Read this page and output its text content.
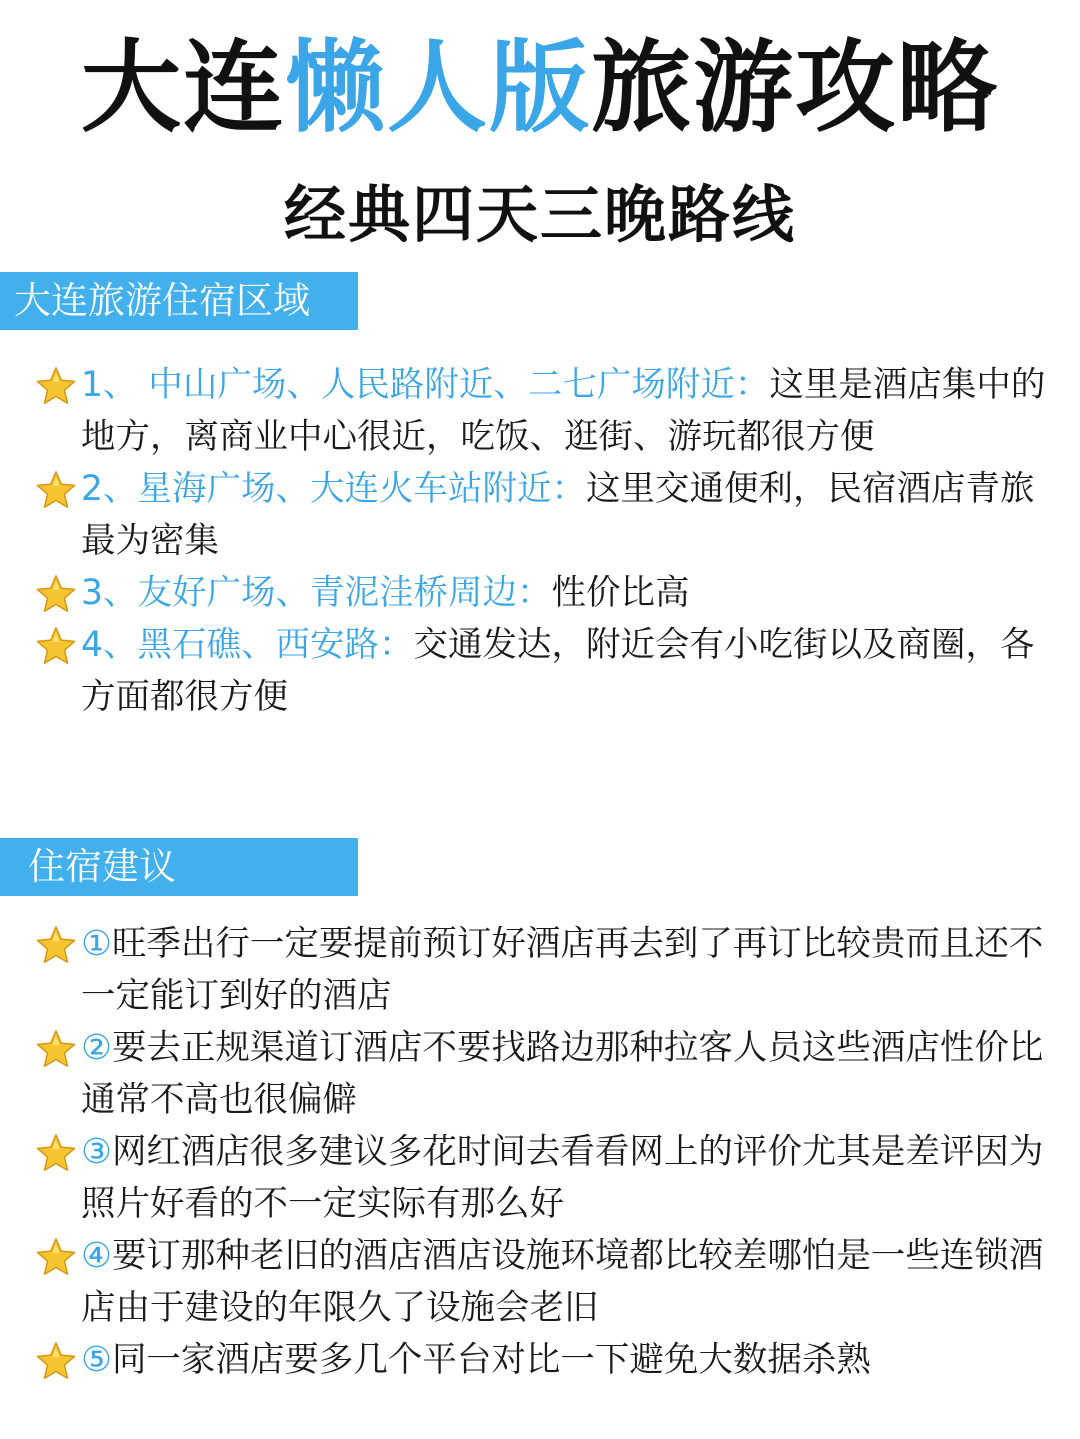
大连懒人版旅游攻略
经典四天三晚路线
大连旅游住宿区域
1、 中山广场、人民路附近、二七广场附近：这里是酒店集中的地方，离商业中心很近，吃饭、逛街、游玩都很方便
2、星海广场、大连火车站附近：这里交通便利，民宿酒店青旅最为密集
3、友好广场、青泥洼桥周边：性价比高
4、黑石礁、西安路：交通发达，附近会有小吃街以及商圈，各方面都很方便
住宿建议
①旺季出行一定要提前预订好酒店再去到了再订比较贵而且还不一定能订到好的酒店
②要去正规渠道订酒店不要找路边那种拉客人员这些酒店性价比通常不高也很偏僻
③网红酒店很多建议多花时间去看看网上的评价尤其是差评因为照片好看的不一定实际有那么好
④要订那种老旧的酒店酒店设施环境都比较差哪怕是一些连锁酒店由于建设的年限久了设施会老旧
⑤同一家酒店要多几个平台对比一下避免大数据杀熟
